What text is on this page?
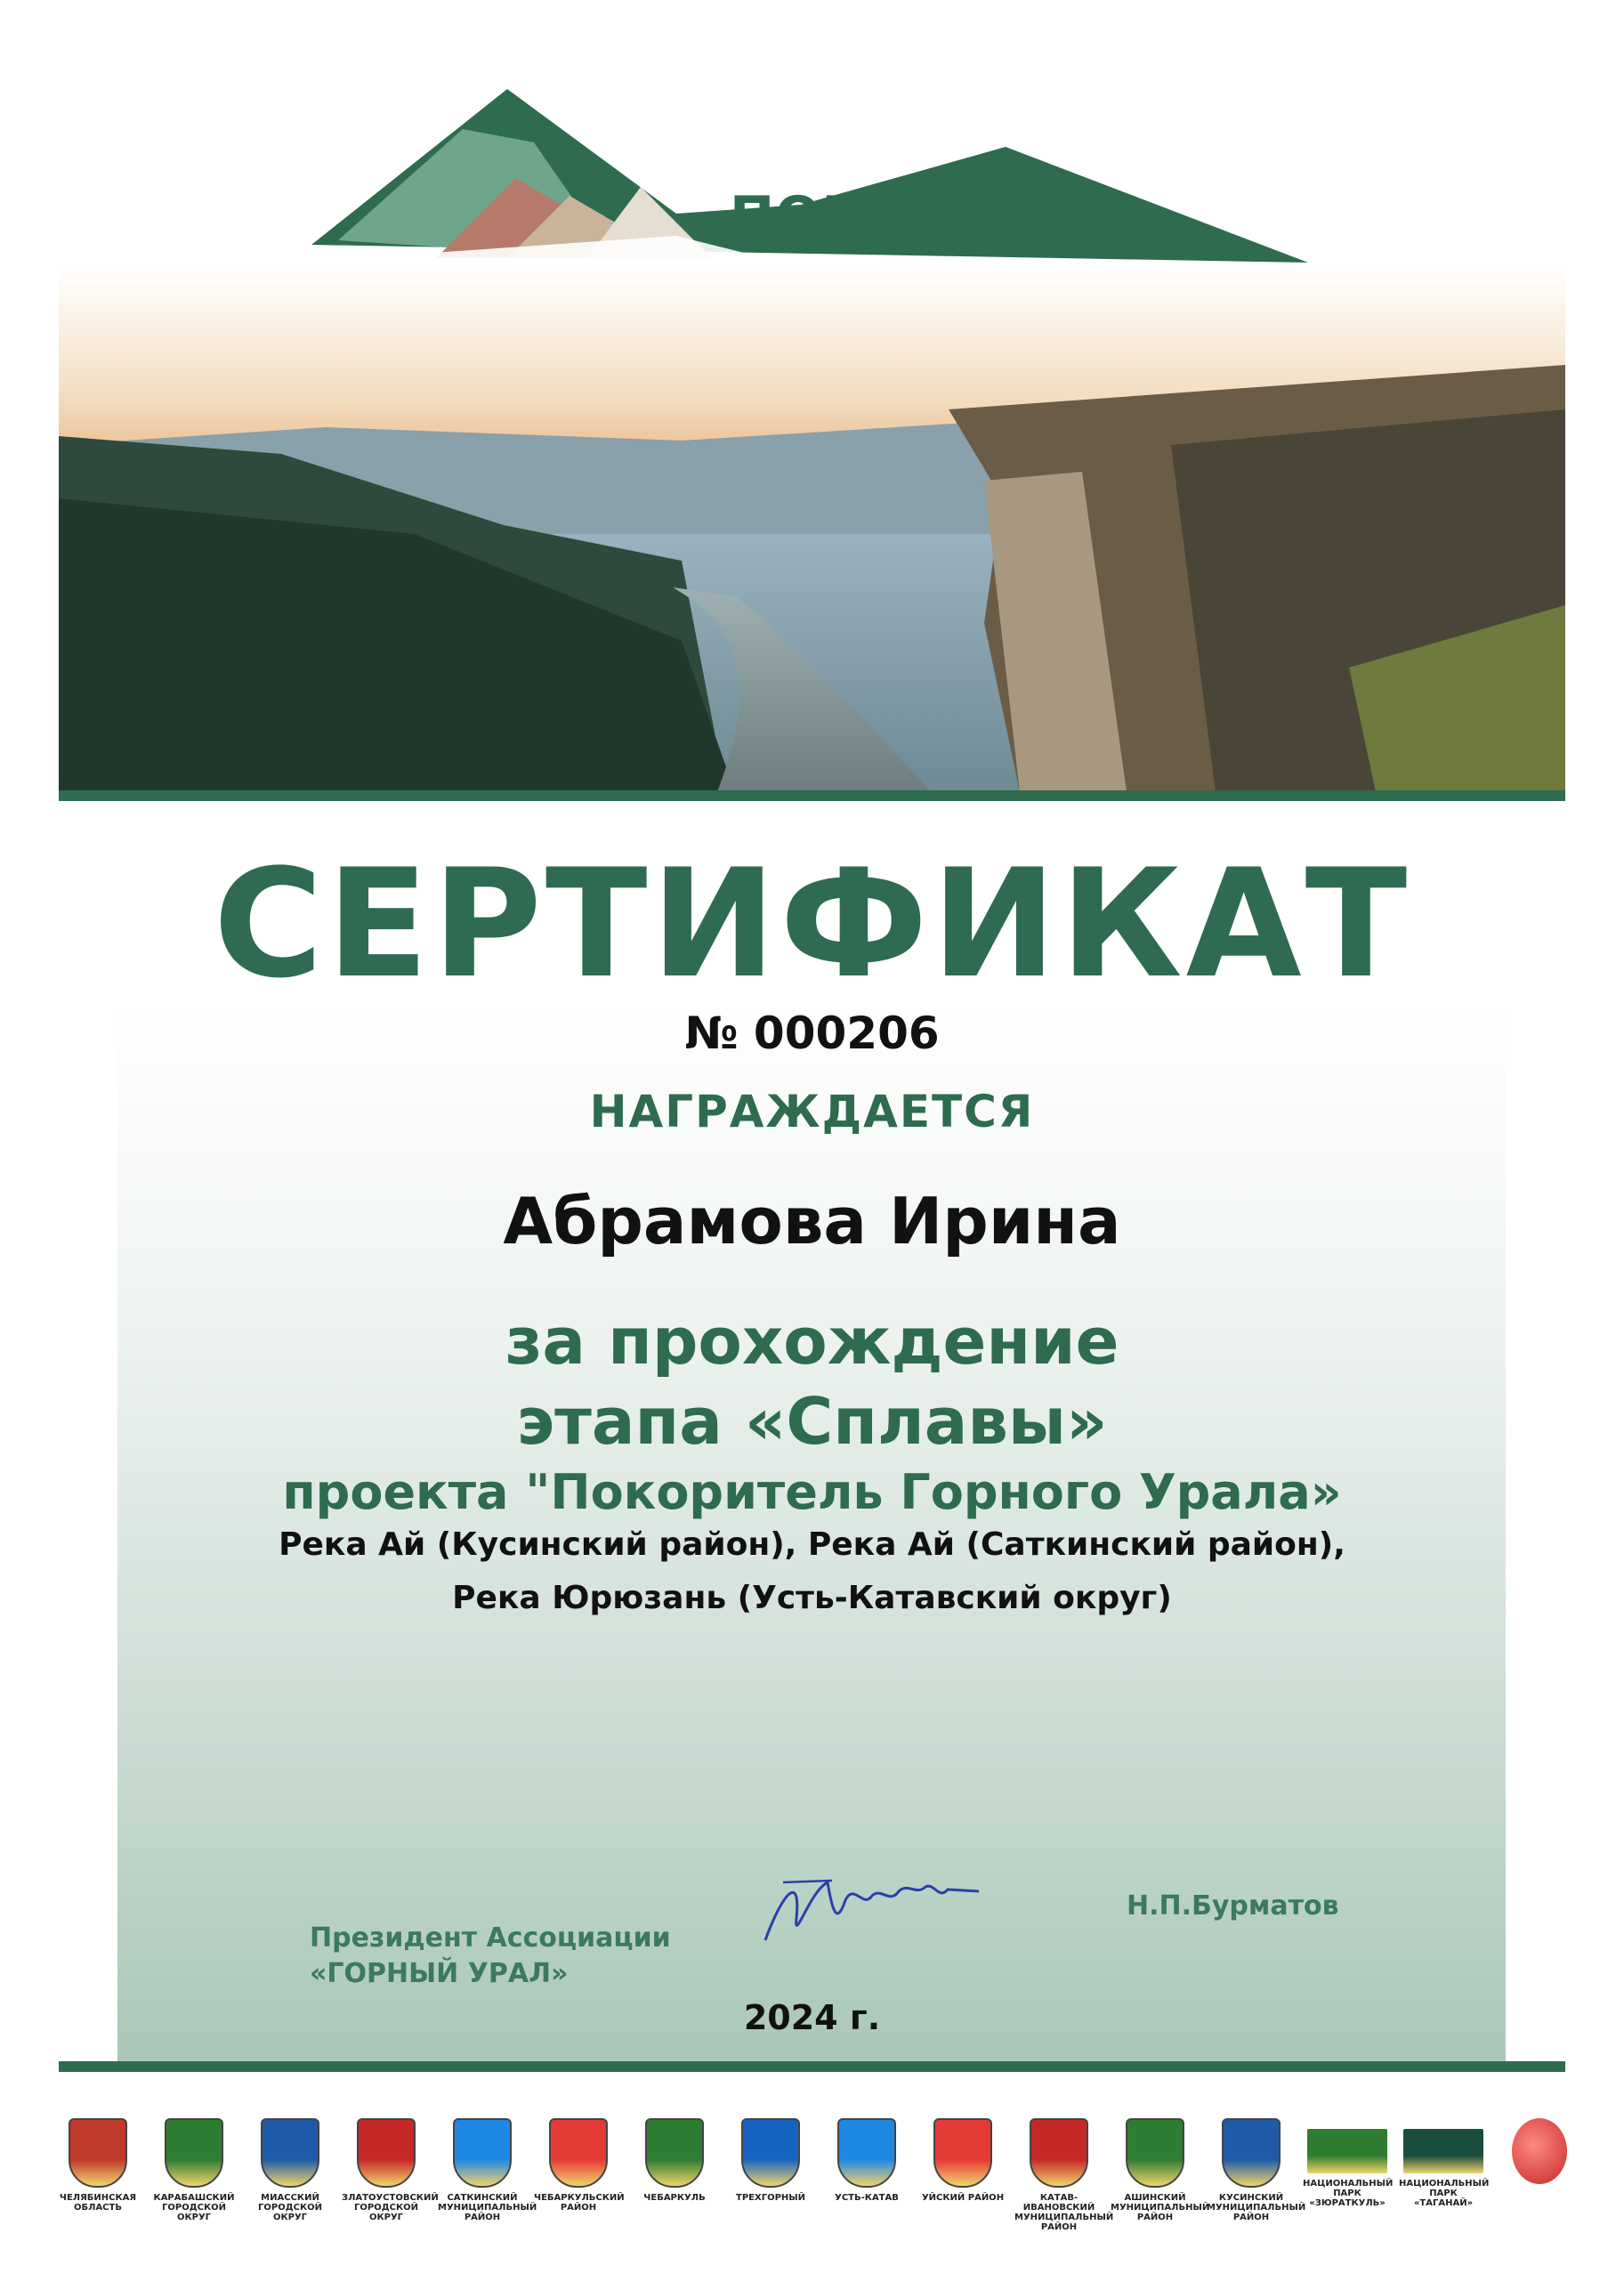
ПОКОРИТЕЛЬ
СЕРТИФИКАТ
№ 000206
НАГРАЖДАЕТСЯ
Абрамова Ирина
за прохождение
этапа «Сплавы»
проекта "Покоритель Горного Урала»
Река Ай (Кусинский район), Река Ай (Саткинский район),
Река Юрюзань (Усть-Катавский округ)
Президент Ассоциации
«ГОРНЫЙ УРАЛ»
Н.П.Бурматов
2024 г.
ЧЕЛЯБИНСКАЯ ОБЛАСТЬ
КАРАБАШСКИЙ ГОРОДСКОЙ ОКРУГ
МИАССКИЙ ГОРОДСКОЙ ОКРУГ
ЗЛАТОУСТОВСКИЙ ГОРОДСКОЙ ОКРУГ
САТКИНСКИЙ МУНИЦИПАЛЬНЫЙ РАЙОН
ЧЕБАРКУЛЬСКИЙ РАЙОН
ЧЕБАРКУЛЬ	ТРЕХГОРНЫЙ	УСТЬ-КАТАВ	УЙСКИЙ РАЙОН	КАТАВ-ИВАНОВСКИЙ МУНИЦИПАЛЬНЫЙ РАЙОН
АШИНСКИЙ МУНИЦИПАЛЬНЫЙ РАЙОН
КУСИНСКИЙ МУНИЦИПАЛЬНЫЙ РАЙОН
НАЦИОНАЛЬНЫЙ ПАРК «ЗЮРАТКУЛЬ»
НАЦИОНАЛЬНЫЙ ПАРК «ТАГАНАЙ»
